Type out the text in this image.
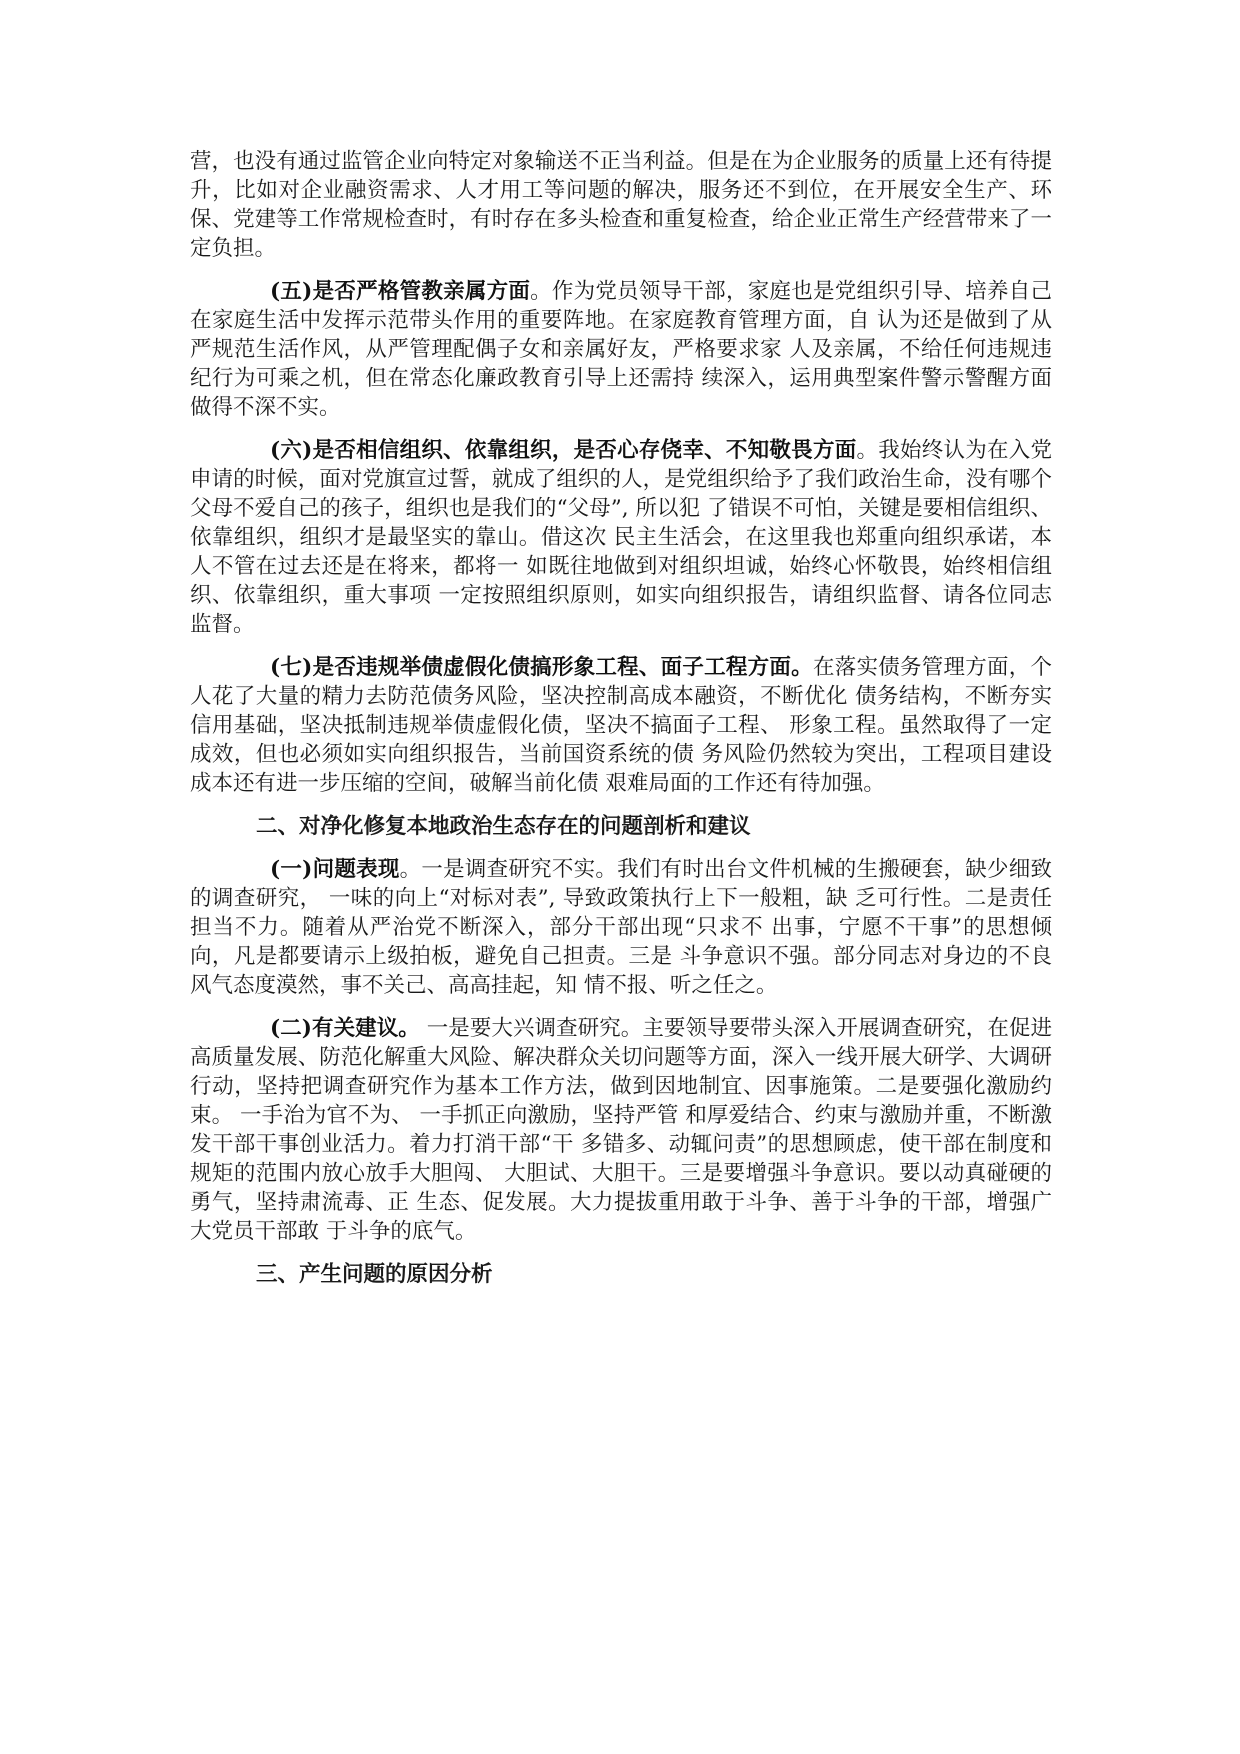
营，也没有通过监管企业向特定对象输送不正当利益。但是在为企业服务的质量上还有待提升，比如对企业融资需求、人才用工等问题的解决，服务还不到位，在开展安全生产、环保、党建等工作常规检查时，有时存在多头检查和重复检查，给企业正常生产经营带来了一定负担。

(五)是否严格管教亲属方面。作为党员领导干部，家庭也是党组织引导、培养自己在家庭生活中发挥示范带头作用的重要阵地。在家庭教育管理方面，自 认为还是做到了从严规范生活作风，从严管理配偶子女和亲属好友，严格要求家 人及亲属，不给任何违规违纪行为可乘之机，但在常态化廉政教育引导上还需持 续深入，运用典型案件警示警醒方面做得不深不实。

(六)是否相信组织、依靠组织，是否心存侥幸、不知敬畏方面。我始终认为在入党申请的时候，面对党旗宣过誓，就成了组织的人，是党组织给予了我们政治生命，没有哪个父母不爱自己的孩子，组织也是我们的“父母”, 所以犯 了错误不可怕，关键是要相信组织、依靠组织，组织才是最坚实的靠山。借这次 民主生活会，在这里我也郑重向组织承诺，本人不管在过去还是在将来，都将一 如既往地做到对组织坦诚，始终心怀敬畏，始终相信组织、依靠组织，重大事项 一定按照组织原则，如实向组织报告，请组织监督、请各位同志监督。

(七)是否违规举债虚假化债搞形象工程、面子工程方面。在落实债务管理方面，个人花了大量的精力去防范债务风险，坚决控制高成本融资，不断优化 债务结构，不断夯实信用基础，坚决抵制违规举债虚假化债，坚决不搞面子工程、 形象工程。虽然取得了一定成效，但也必须如实向组织报告，当前国资系统的债 务风险仍然较为突出，工程项目建设成本还有进一步压缩的空间，破解当前化债 艰难局面的工作还有待加强。

二、对净化修复本地政治生态存在的问题剖析和建议

(一)问题表现。一是调查研究不实。我们有时出台文件机械的生搬硬套，缺少细致的调查研究， 一味的向上“对标对表”, 导致政策执行上下一般粗，缺 乏可行性。二是责任担当不力。随着从严治党不断深入，部分干部出现“只求不 出事，宁愿不干事”的思想倾向，凡是都要请示上级拍板，避免自己担责。三是 斗争意识不强。部分同志对身边的不良风气态度漠然，事不关己、高高挂起，知 情不报、听之任之。

(二)有关建议。 一是要大兴调查研究。主要领导要带头深入开展调查研究，在促进高质量发展、防范化解重大风险、解决群众关切问题等方面，深入一线开展大研学、大调研行动，坚持把调查研究作为基本工作方法，做到因地制宜、因事施策。二是要强化激励约束。 一手治为官不为、 一手抓正向激励，坚持严管 和厚爱结合、约束与激励并重，不断激发干部干事创业活力。着力打消干部“干 多错多、动辄问责”的思想顾虑，使干部在制度和规矩的范围内放心放手大胆闯、 大胆试、大胆干。三是要增强斗争意识。要以动真碰硬的勇气，坚持肃流毒、正 生态、促发展。大力提拔重用敢于斗争、善于斗争的干部，增强广大党员干部敢 于斗争的底气。

三、产生问题的原因分析
